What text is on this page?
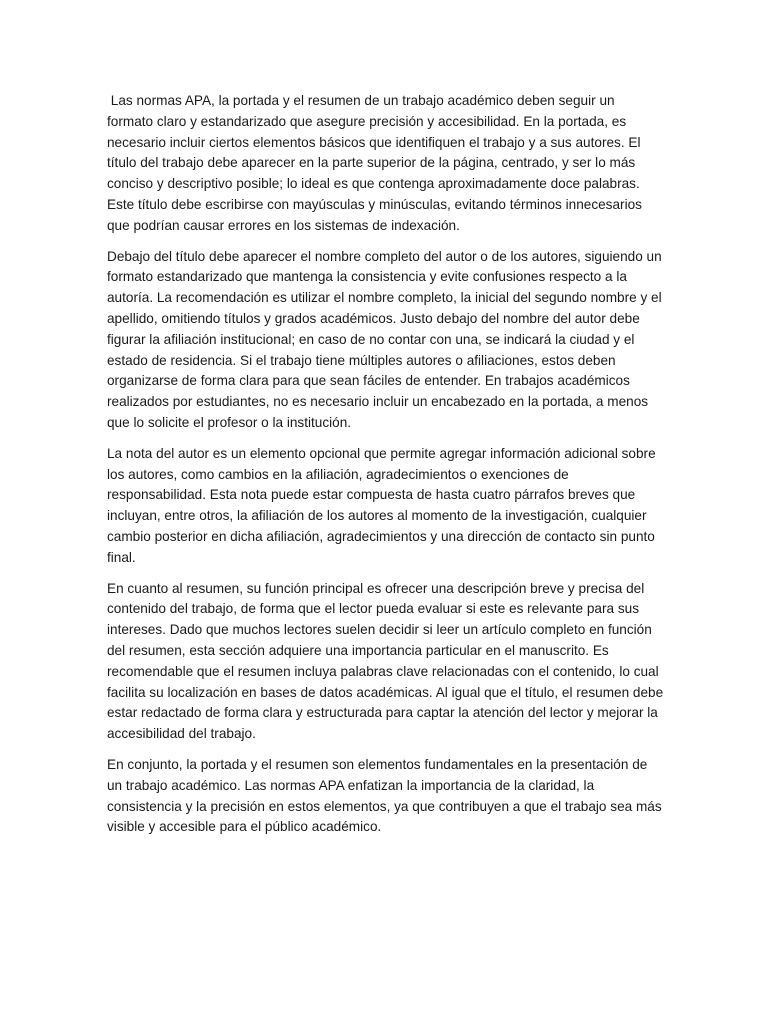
Las normas APA, la portada y el resumen de un trabajo académico deben seguir un formato claro y estandarizado que asegure precisión y accesibilidad. En la portada, es necesario incluir ciertos elementos básicos que identifiquen el trabajo y a sus autores. El título del trabajo debe aparecer en la parte superior de la página, centrado, y ser lo más conciso y descriptivo posible; lo ideal es que contenga aproximadamente doce palabras. Este título debe escribirse con mayúsculas y minúsculas, evitando términos innecesarios que podrían causar errores en los sistemas de indexación.

Debajo del título debe aparecer el nombre completo del autor o de los autores, siguiendo un formato estandarizado que mantenga la consistencia y evite confusiones respecto a la autoría. La recomendación es utilizar el nombre completo, la inicial del segundo nombre y el apellido, omitiendo títulos y grados académicos. Justo debajo del nombre del autor debe figurar la afiliación institucional; en caso de no contar con una, se indicará la ciudad y el estado de residencia. Si el trabajo tiene múltiples autores o afiliaciones, estos deben organizarse de forma clara para que sean fáciles de entender. En trabajos académicos realizados por estudiantes, no es necesario incluir un encabezado en la portada, a menos que lo solicite el profesor o la institución.

La nota del autor es un elemento opcional que permite agregar información adicional sobre los autores, como cambios en la afiliación, agradecimientos o exenciones de responsabilidad. Esta nota puede estar compuesta de hasta cuatro párrafos breves que incluyan, entre otros, la afiliación de los autores al momento de la investigación, cualquier cambio posterior en dicha afiliación, agradecimientos y una dirección de contacto sin punto final.

En cuanto al resumen, su función principal es ofrecer una descripción breve y precisa del contenido del trabajo, de forma que el lector pueda evaluar si este es relevante para sus intereses. Dado que muchos lectores suelen decidir si leer un artículo completo en función del resumen, esta sección adquiere una importancia particular en el manuscrito. Es recomendable que el resumen incluya palabras clave relacionadas con el contenido, lo cual facilita su localización en bases de datos académicas. Al igual que el título, el resumen debe estar redactado de forma clara y estructurada para captar la atención del lector y mejorar la accesibilidad del trabajo.

En conjunto, la portada y el resumen son elementos fundamentales en la presentación de un trabajo académico. Las normas APA enfatizan la importancia de la claridad, la consistencia y la precisión en estos elementos, ya que contribuyen a que el trabajo sea más visible y accesible para el público académico.
